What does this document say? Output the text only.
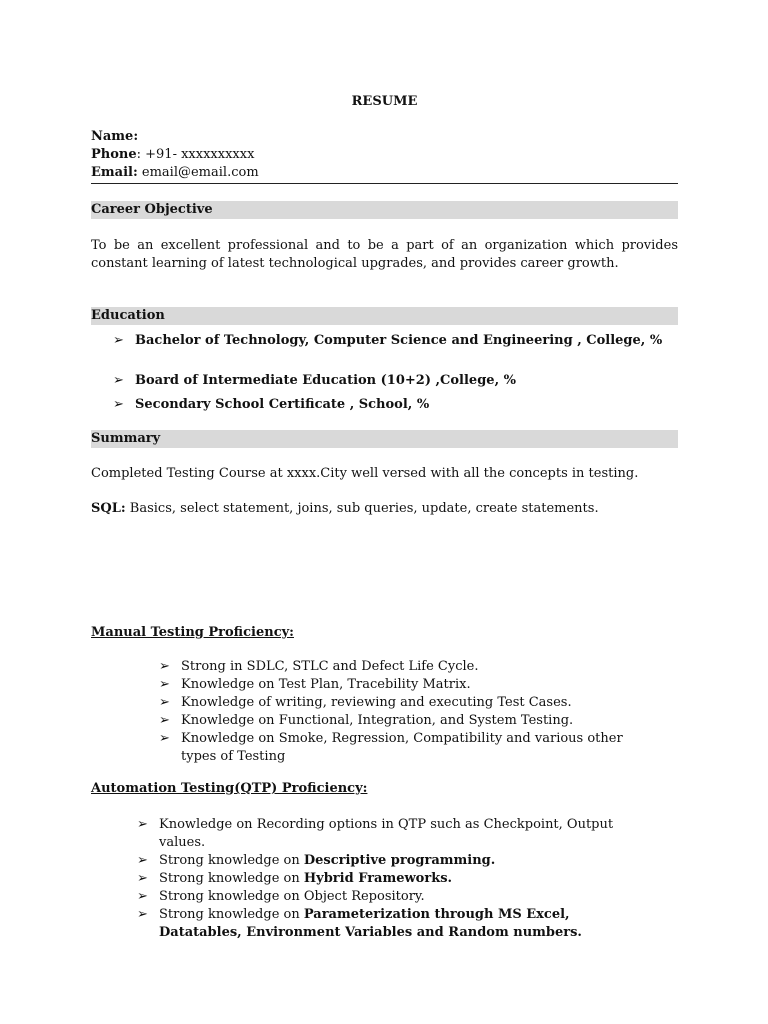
RESUME
Name:
Phone: +91- xxxxxxxxxx
Email: email@email.com
Career Objective
To be an excellent professional and to be a part of an organization which provides constant learning of latest technological upgrades, and provides career growth.
Education
➢ Bachelor of Technology, Computer Science and Engineering , College, %
➢ Board of Intermediate Education (10+2) ,College, %
➢ Secondary School Certificate , School, %
Summary
Completed Testing Course at xxxx.City well versed with all the concepts in testing.
SQL: Basics, select statement, joins, sub queries, update, create statements.
Manual Testing Proficiency:
➢ Strong in SDLC, STLC and Defect Life Cycle.
➢ Knowledge on Test Plan, Tracebility Matrix.
➢ Knowledge of writing, reviewing and executing Test Cases.
➢ Knowledge on Functional, Integration, and System Testing.
➢ Knowledge on Smoke, Regression, Compatibility and various other types of Testing
Automation Testing(QTP) Proficiency:
➢ Knowledge on Recording options in QTP such as Checkpoint, Output values.
➢ Strong knowledge on Descriptive programming.
➢ Strong knowledge on Hybrid Frameworks.
➢ Strong knowledge on Object Repository.
➢ Strong knowledge on Parameterization through MS Excel, Datatables, Environment Variables and Random numbers.
